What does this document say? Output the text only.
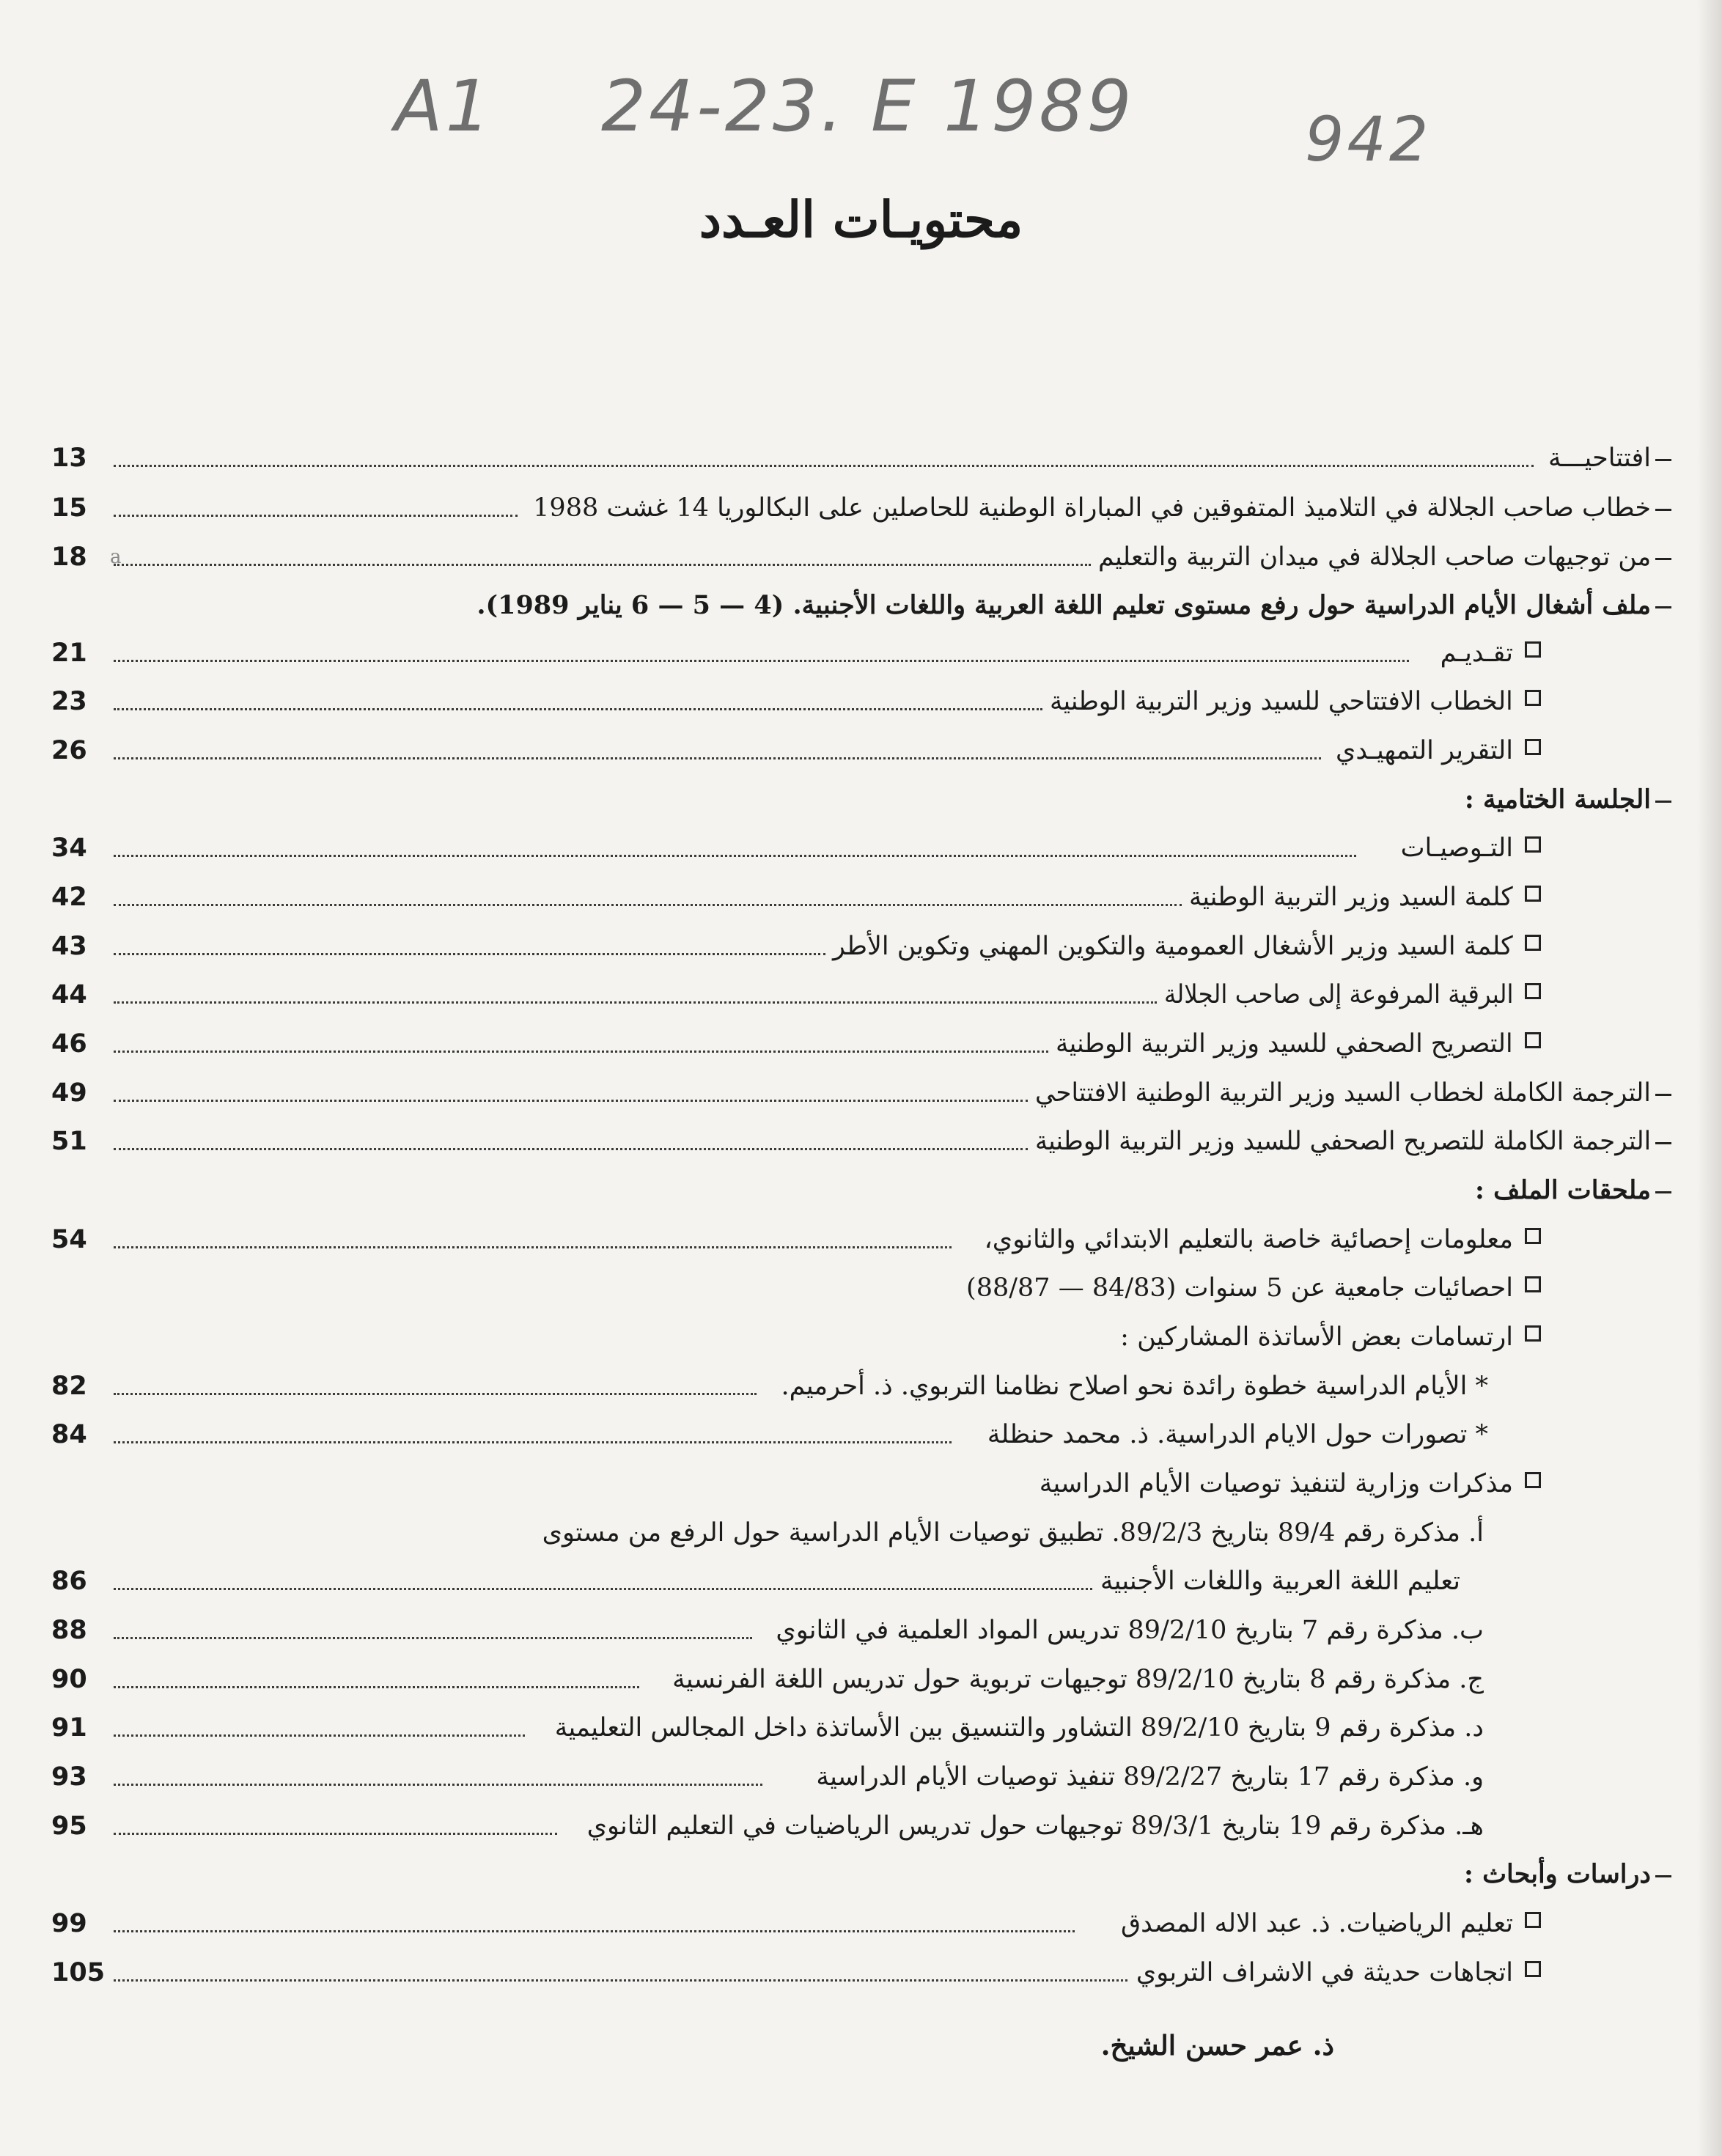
A1 24-23. E 1989	942
محتويـات العـدد
افتتاحيـــة
13
خطاب صاحب الجلالة في التلاميذ المتفوقين في المباراة الوطنية للحاصلين على البكالوريا 14 غشت 1988
15
من توجيهات صاحب الجلالة في ميدان التربية والتعليم
18	a
ملف أشغال الأيام الدراسية حول رفع مستوى تعليم اللغة العربية واللغات الأجنبية. (4 — 5 — 6 يناير 1989).
تقـديـم
21
الخطاب الافتتاحي للسيد وزير التربية الوطنية
23
التقرير التمهيـدي
26
الجلسة الختامية :
التـوصيـات
34
كلمة السيد وزير التربية الوطنية
42
كلمة السيد وزير الأشغال العمومية والتكوين المهني وتكوين الأطر
43
البرقية المرفوعة إلى صاحب الجلالة
44
التصريح الصحفي للسيد وزير التربية الوطنية
46
الترجمة الكاملة لخطاب السيد وزير التربية الوطنية الافتتاحي
49
الترجمة الكاملة للتصريح الصحفي للسيد وزير التربية الوطنية
51
ملحقات الملف :
معلومات إحصائية خاصة بالتعليم الابتدائي والثانوي،
54
احصائيات جامعية عن 5 سنوات (84/83 — 88/87)
ارتسامات بعض الأساتذة المشاركين :
* الأيام الدراسية خطوة رائدة نحو اصلاح نظامنا التربوي. ذ. أحرميم.
82
* تصورات حول الايام الدراسية. ذ. محمد حنظلة
84
مذكرات وزارية لتنفيذ توصيات الأيام الدراسية
أ. مذكرة رقم 89/4 بتاريخ 89/2/3. تطبيق توصيات الأيام الدراسية حول الرفع من مستوى
تعليم اللغة العربية واللغات الأجنبية
86
ب. مذكرة رقم 7 بتاريخ 89/2/10 تدريس المواد العلمية في الثانوي
88
ج. مذكرة رقم 8 بتاريخ 89/2/10 توجيهات تربوية حول تدريس اللغة الفرنسية
90
د. مذكرة رقم 9 بتاريخ 89/2/10 التشاور والتنسيق بين الأساتذة داخل المجالس التعليمية
91
و. مذكرة رقم 17 بتاريخ 89/2/27 تنفيذ توصيات الأيام الدراسية
93
هـ. مذكرة رقم 19 بتاريخ 89/3/1 توجيهات حول تدريس الرياضيات في التعليم الثانوي
95
دراسات وأبحاث :
تعليم الرياضيات. ذ. عبد الاله المصدق
99
اتجاهات حديثة في الاشراف التربوي
105
ذ. عمر حسن الشيخ.
